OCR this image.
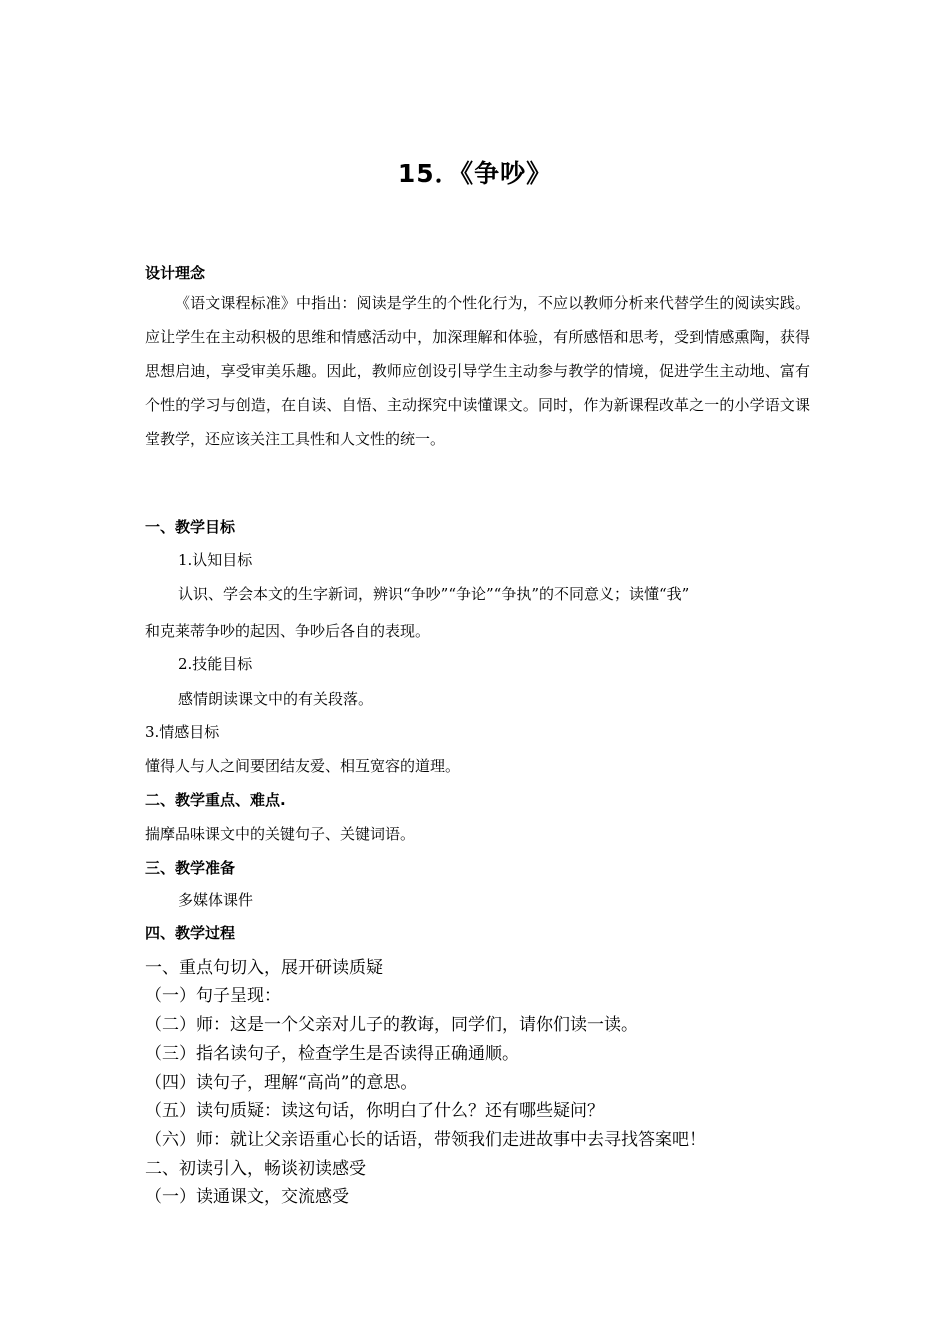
15．《争吵》
设计理念

《语文课程标准》中指出：阅读是学生的个性化行为，不应以教师分析来代替学生的阅读实践。应让学生在主动积极的思维和情感活动中，加深理解和体验，有所感悟和思考，受到情感熏陶，获得思想启迪，享受审美乐趣。因此，教师应创设引导学生主动参与教学的情境，促进学生主动地、富有个性的学习与创造，在自读、自悟、主动探究中读懂课文。同时，作为新课程改革之一的小学语文课堂教学，还应该关注工具性和人文性的统一。

一、教学目标
1.认知目标
认识、学会本文的生字新词，辨识“争吵”“争论”“争执”的不同意义；读懂“我”
和克莱蒂争吵的起因、争吵后各自的表现。
2.技能目标
感情朗读课文中的有关段落。
3.情感目标
懂得人与人之间要团结友爱、相互宽容的道理。
二、教学重点、难点.
揣摩品味课文中的关键句子、关键词语。
三、教学准备
多媒体课件
四、教学过程
一、重点句切入，展开研读质疑
（一）句子呈现：
（二）师：这是一个父亲对儿子的教诲，同学们，请你们读一读。
（三）指名读句子，检查学生是否读得正确通顺。
（四）读句子，理解“高尚”的意思。
（五）读句质疑：读这句话，你明白了什么？还有哪些疑问？
（六）师：就让父亲语重心长的话语，带领我们走进故事中去寻找答案吧！
二、初读引入，畅谈初读感受
（一）读通课文，交流感受
